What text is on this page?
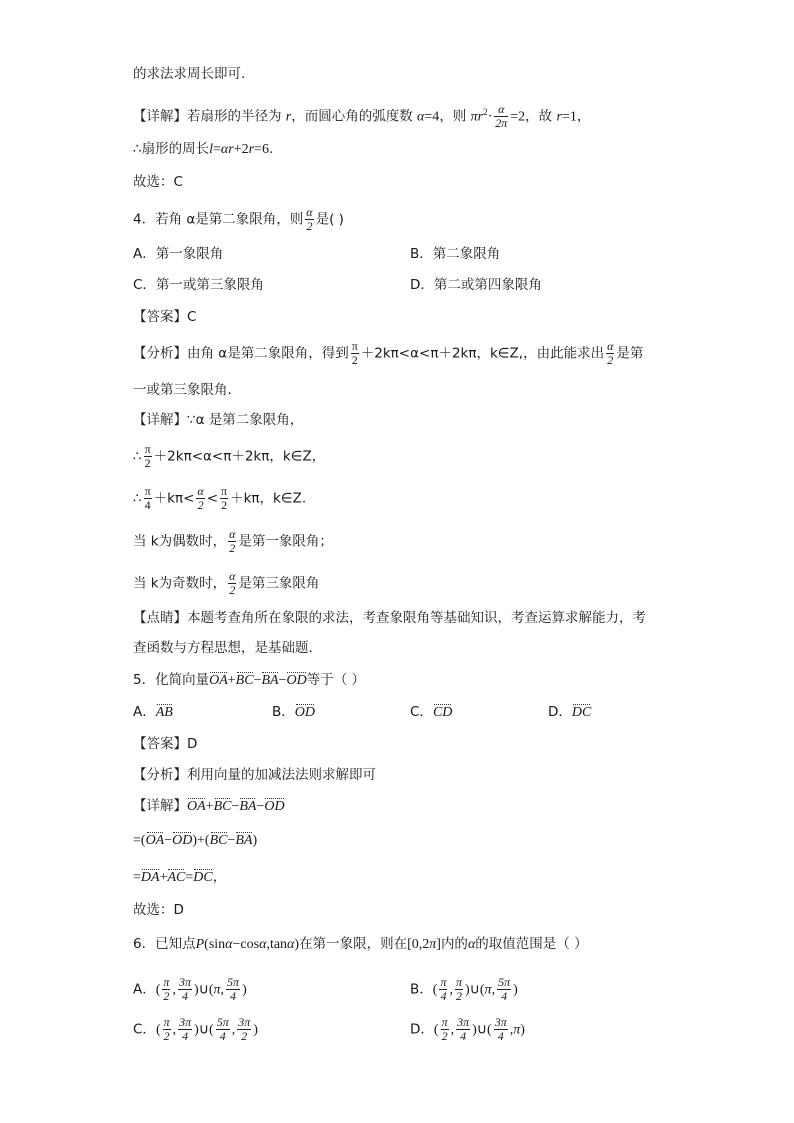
的求法求周长即可.
【详解】若扇形的半径为 r，而圆心角的弧度数 α=4，则 $\pi r^2\cdot \frac{\alpha}{2\pi} =2$，故 r=1，
∴扇形的周长l=αr+2r=6.
故选：C
4．若角 α是第二象限角，则 $\frac{\alpha}{2}$ 是( )
A．第一象限角	B．第二象限角
C．第一或第三象限角	D．第二或第四象限角
【答案】C
【分析】由角 α是第二象限角，得到 $\frac{\pi}{2} +2k\pi<\alpha<\pi+2k\pi$，k∈Z,，由此能求出 $\frac{\alpha}{2}$ 是第
一或第三象限角．
【详解】∵α 是第二象限角，
∴ $\frac{\pi}{2} +2k\pi<\alpha<\pi+2k\pi$，k∈Z，
∴ $\frac{\pi}{4} +k\pi< \frac{\alpha}{2} < \frac{\pi}{2} +k\pi$，k∈Z.
当 k为偶数时， $\frac{\alpha}{2}$ 是第一象限角；
当 k为奇数时， $\frac{\alpha}{2}$ 是第三象限角
【点睛】本题考查角所在象限的求法，考查象限角等基础知识，考查运算求解能力，考
查函数与方程思想，是基础题．
5．化简向量OA+BC−BA−OD等于（ ）
A．AB	B．OD	C．CD	D．DC
【答案】D
【分析】利用向量的加减法法则求解即可
【详解】OA+BC−BA−OD
=(OA−OD)+(BC−BA)
=DA+AC=DC，
故选：D
6．已知点P(sinα−cosα,tanα)在第一象限，则在[0,2π]内的α的取值范围是（ ）
A．( $\frac{\pi}{2}$ , $\frac{3\pi}{4}$ )∪(π, $\frac{5\pi}{4}$ )	B．( $\frac{\pi}{4}$ , $\frac{\pi}{2}$ )∪(π, $\frac{5\pi}{4}$ )
C．( $\frac{\pi}{2}$ , $\frac{3\pi}{4}$ )∪( $\frac{5\pi}{4}$ , $\frac{3\pi}{2}$ )	D．( $\frac{\pi}{2}$ , $\frac{3\pi}{4}$ )∪( $\frac{3\pi}{4} ,\pi$)
